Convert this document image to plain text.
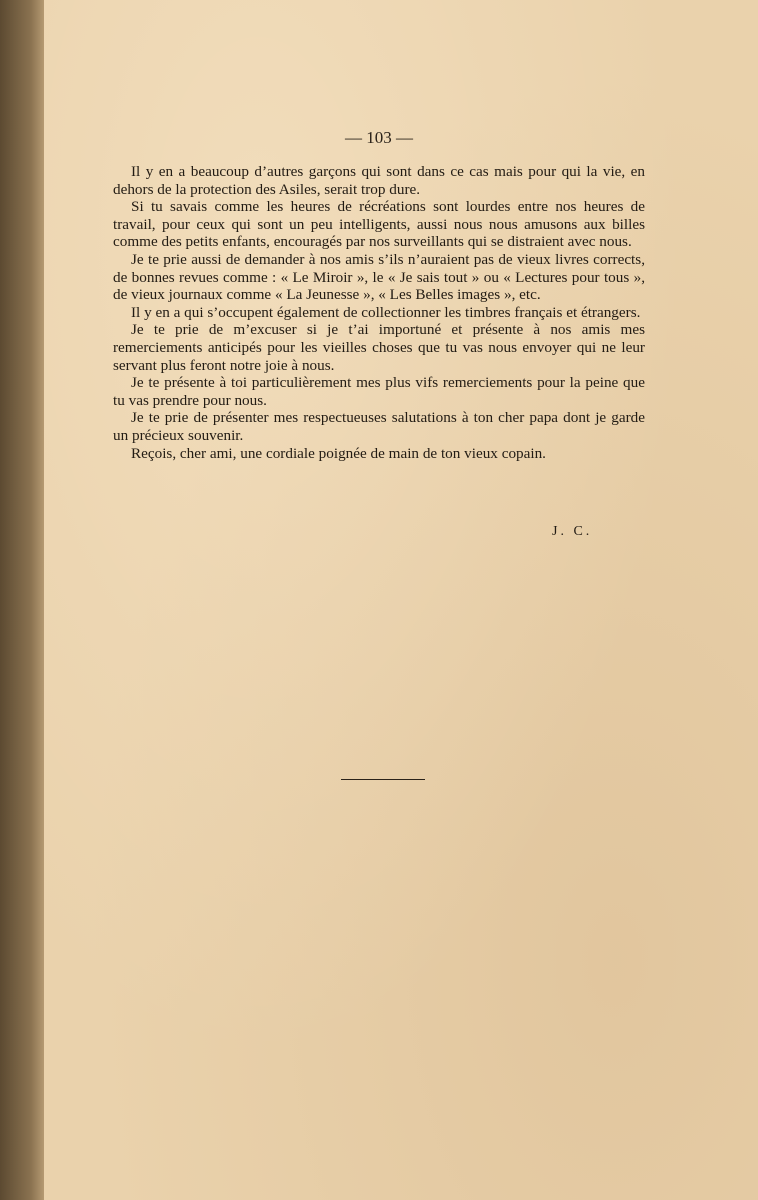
— 103 —

Il y en a beaucoup d’autres garçons qui sont dans ce cas mais pour qui la vie, en dehors de la protection des Asiles, serait trop dure.

Si tu savais comme les heures de récréations sont lourdes entre nos heures de travail, pour ceux qui sont un peu intelligents, aussi nous nous amusons aux billes comme des petits enfants, encouragés par nos surveillants qui se distraient avec nous.

Je te prie aussi de demander à nos amis s’ils n’auraient pas de vieux livres corrects, de bonnes revues comme : « Le Miroir », le « Je sais tout » ou « Lectures pour tous », de vieux journaux comme « La Jeunesse », « Les Belles images », etc.

Il y en a qui s’occupent également de collectionner les timbres français et étrangers.

Je te prie de m’excuser si je t’ai importuné et présente à nos amis mes remerciements anticipés pour les vieilles choses que tu vas nous envoyer qui ne leur servant plus feront notre joie à nous.

Je te présente à toi particulièrement mes plus vifs remerciements pour la peine que tu vas prendre pour nous.

Je te prie de présenter mes respectueuses salutations à ton cher papa dont je garde un précieux souvenir.

Reçois, cher ami, une cordiale poignée de main de ton vieux copain.

J. C.
